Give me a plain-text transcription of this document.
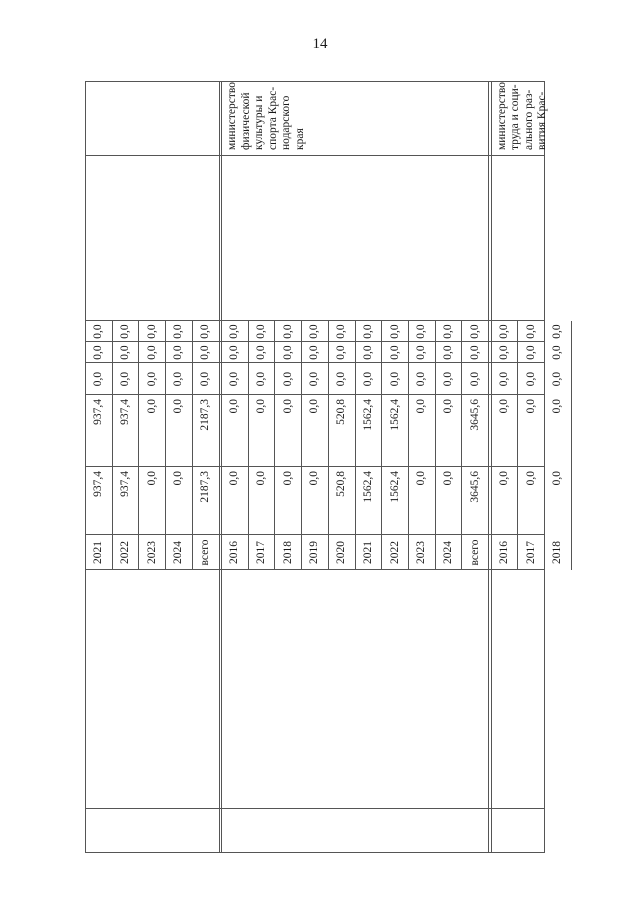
14
2021
937,4
937,4
0,0
0,0
0,0
2022
937,4
937,4
0,0
0,0
0,0
2023
0,0
0,0
0,0
0,0
0,0
2024
0,0
0,0
0,0
0,0
0,0
всего
2187,3
2187,3
0,0
0,0
0,0
2016
0,0
0,0
0,0
0,0
0,0
2017
0,0
0,0
0,0
0,0
0,0
2018
0,0
0,0
0,0
0,0
0,0
2019
0,0
0,0
0,0
0,0
0,0
2020
520,8
520,8
0,0
0,0
0,0
2021
1562,4
1562,4
0,0
0,0
0,0
2022
1562,4
1562,4
0,0
0,0
0,0
2023
0,0
0,0
0,0
0,0
0,0
2024
0,0
0,0
0,0
0,0
0,0
всего
3645,6
3645,6
0,0
0,0
0,0
министерство физической культуры и спорта Крас- нодарского края
2016
0,0
0,0
0,0
0,0
0,0
2017
0,0
0,0
0,0
0,0
0,0
2018
0,0
0,0
0,0
0,0
0,0
министерство труда и соци- ального раз- вития Крас-
